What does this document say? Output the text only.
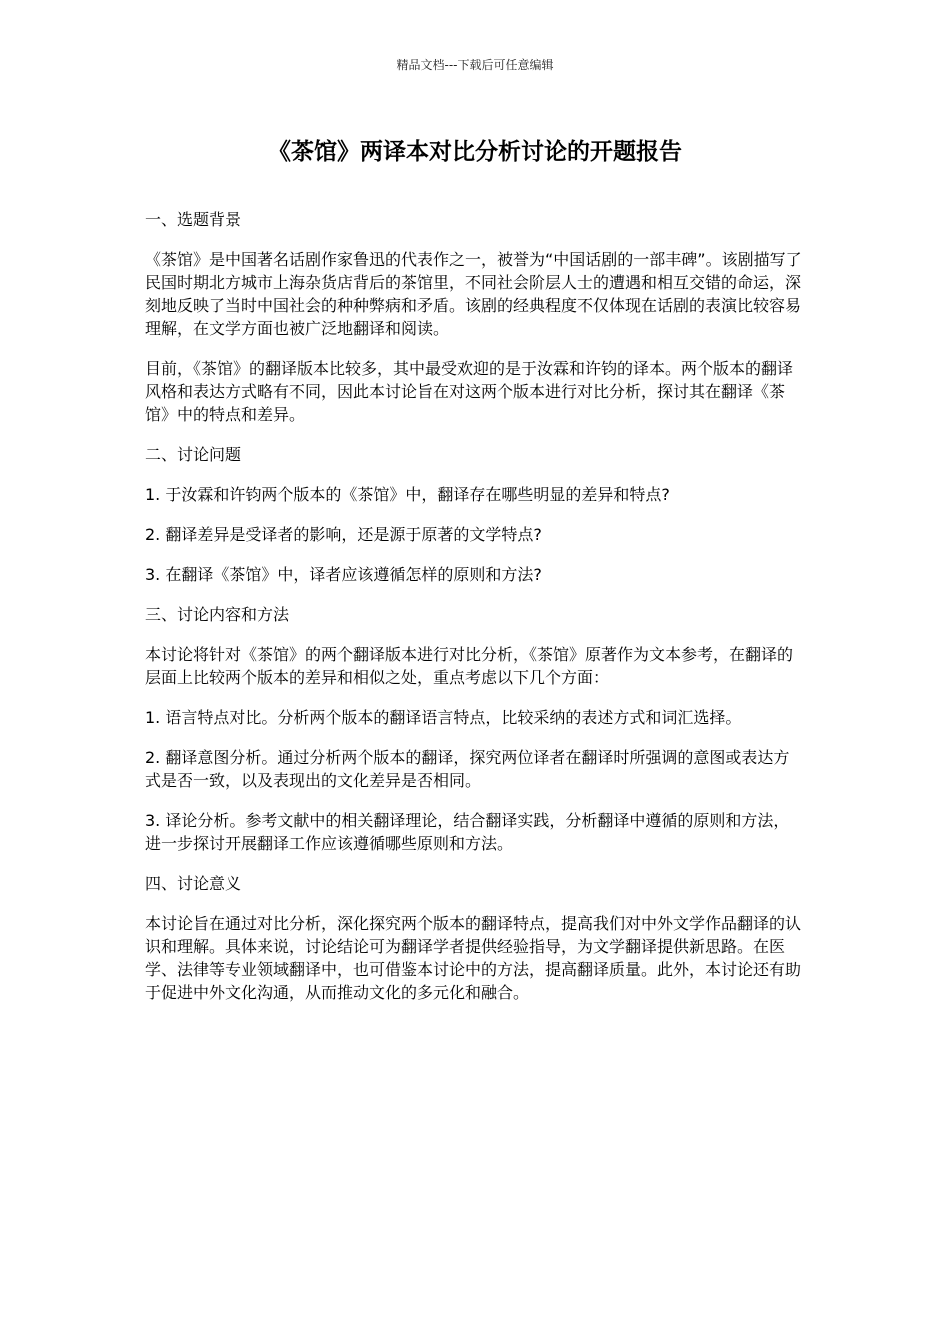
精品文档---下载后可任意编辑
《茶馆》两译本对比分析讨论的开题报告

一、选题背景

《茶馆》是中国著名话剧作家鲁迅的代表作之一，被誉为“中国话剧的一部丰碑”。该剧描写了民国时期北方城市上海杂货店背后的茶馆里，不同社会阶层人士的遭遇和相互交错的命运，深刻地反映了当时中国社会的种种弊病和矛盾。该剧的经典程度不仅体现在话剧的表演比较容易理解，在文学方面也被广泛地翻译和阅读。

目前，《茶馆》的翻译版本比较多，其中最受欢迎的是于汝霖和许钧的译本。两个版本的翻译风格和表达方式略有不同，因此本讨论旨在对这两个版本进行对比分析，探讨其在翻译《茶馆》中的特点和差异。

二、讨论问题

1. 于汝霖和许钧两个版本的《茶馆》中，翻译存在哪些明显的差异和特点?

2. 翻译差异是受译者的影响，还是源于原著的文学特点?

3. 在翻译《茶馆》中，译者应该遵循怎样的原则和方法?

三、讨论内容和方法

本讨论将针对《茶馆》的两个翻译版本进行对比分析，《茶馆》原著作为文本参考，在翻译的层面上比较两个版本的差异和相似之处，重点考虑以下几个方面：

1. 语言特点对比。分析两个版本的翻译语言特点，比较采纳的表述方式和词汇选择。

2. 翻译意图分析。通过分析两个版本的翻译，探究两位译者在翻译时所强调的意图或表达方式是否一致，以及表现出的文化差异是否相同。

3. 译论分析。参考文献中的相关翻译理论，结合翻译实践，分析翻译中遵循的原则和方法，进一步探讨开展翻译工作应该遵循哪些原则和方法。

四、讨论意义

本讨论旨在通过对比分析，深化探究两个版本的翻译特点，提高我们对中外文学作品翻译的认识和理解。具体来说，讨论结论可为翻译学者提供经验指导，为文学翻译提供新思路。在医学、法律等专业领域翻译中，也可借鉴本讨论中的方法，提高翻译质量。此外，本讨论还有助于促进中外文化沟通，从而推动文化的多元化和融合。
